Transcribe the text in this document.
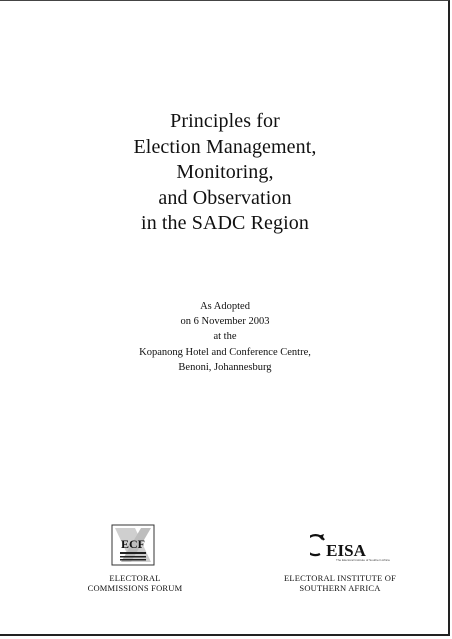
Principles for
Election Management,
Monitoring,
and Observation
in the SADC Region
As Adopted
on 6 November 2003
at the
Kopanong Hotel and Conference Centre,
Benoni, Johannesburg
ECF
ELECTORAL
COMMISSIONS FORUM
EISA
The Electoral Institute of Southern Africa
ELECTORAL INSTITUTE OF
SOUTHERN AFRICA
